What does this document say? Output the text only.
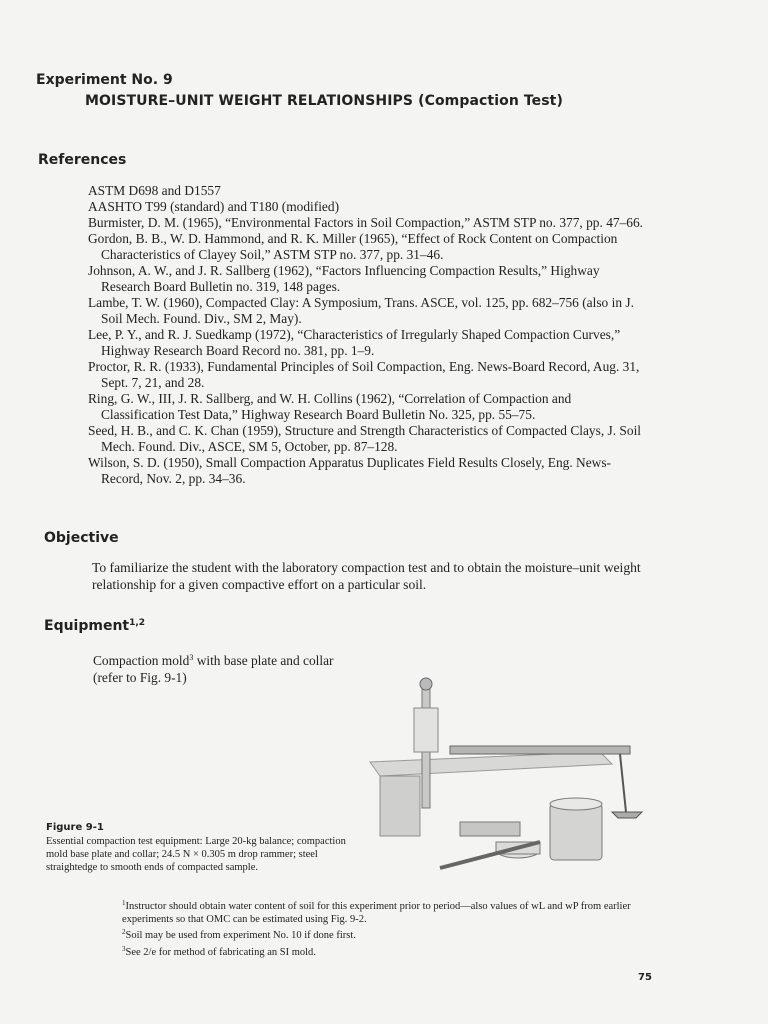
Experiment No. 9
MOISTURE–UNIT WEIGHT RELATIONSHIPS (Compaction Test)
References
ASTM D698 and D1557
AASHTO T99 (standard) and T180 (modified)
Burmister, D. M. (1965), “Environmental Factors in Soil Compaction,” ASTM STP no. 377, pp. 47–66.
Gordon, B. B., W. D. Hammond, and R. K. Miller (1965), “Effect of Rock Content on Compaction Characteristics of Clayey Soil,” ASTM STP no. 377, pp. 31–46.
Johnson, A. W., and J. R. Sallberg (1962), “Factors Influencing Compaction Results,” Highway Research Board Bulletin no. 319, 148 pages.
Lambe, T. W. (1960), Compacted Clay: A Symposium, Trans. ASCE, vol. 125, pp. 682–756 (also in J. Soil Mech. Found. Div., SM 2, May).
Lee, P. Y., and R. J. Suedkamp (1972), “Characteristics of Irregularly Shaped Compaction Curves,” Highway Research Board Record no. 381, pp. 1–9.
Proctor, R. R. (1933), Fundamental Principles of Soil Compaction, Eng. News-Board Record, Aug. 31, Sept. 7, 21, and 28.
Ring, G. W., III, J. R. Sallberg, and W. H. Collins (1962), “Correlation of Compaction and Classification Test Data,” Highway Research Board Bulletin No. 325, pp. 55–75.
Seed, H. B., and C. K. Chan (1959), Structure and Strength Characteristics of Compacted Clays, J. Soil Mech. Found. Div., ASCE, SM 5, October, pp. 87–128.
Wilson, S. D. (1950), Small Compaction Apparatus Duplicates Field Results Closely, Eng. News-Record, Nov. 2, pp. 34–36.
Objective

To familiarize the student with the laboratory compaction test and to obtain the moisture–unit weight relationship for a given compactive effort on a particular soil.

Equipment$^{1,2}$

Compaction mold$^3$ with base plate and collar (refer to Fig. 9-1)

Figure 9-1
Essential compaction test equipment: Large 20-kg balance; compaction mold base plate and collar; 24.5 N × 0.305 m drop rammer; steel straightedge to smooth ends of compacted sample.
$^1$Instructor should obtain water content of soil for this experiment prior to period—also values of wL and wP from earlier experiments so that OMC can be estimated using Fig. 9-2.
$^2$Soil may be used from experiment No. 10 if done first.
$^3$See 2/e for method of fabricating an SI mold.
75
